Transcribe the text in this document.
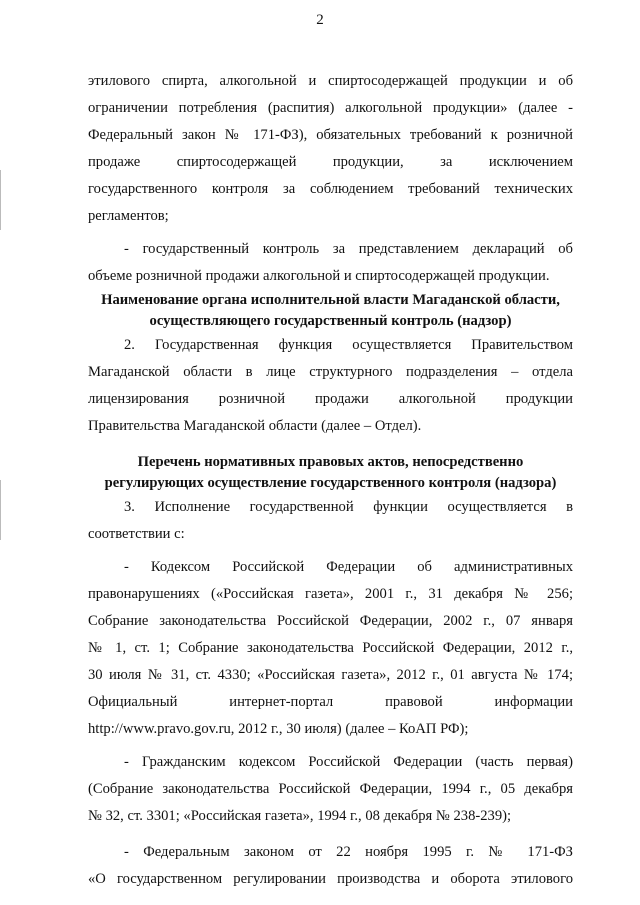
2
этилового спирта, алкогольной и спиртосодержащей продукции и об
ограничении потребления (распития) алкогольной продукции» (далее -
Федеральный закон № 171-ФЗ), обязательных требований к розничной
продаже спиртосодержащей продукции, за исключением
государственного контроля за соблюдением требований технических
регламентов;
- государственный контроль за представлением деклараций об
объеме розничной продажи алкогольной и спиртосодержащей продукции.
Наименование органа исполнительной власти Магаданской области,
осуществляющего государственный контроль (надзор)
2. Государственная функция осуществляется Правительством
Магаданской области в лице структурного подразделения – отдела
лицензирования розничной продажи алкогольной продукции
Правительства Магаданской области (далее – Отдел).
Перечень нормативных правовых актов, непосредственно
регулирующих осуществление государственного контроля (надзора)
3. Исполнение государственной функции осуществляется в
соответствии с:
- Кодексом Российской Федерации об административных
правонарушениях («Российская газета», 2001 г., 31 декабря № 256;
Собрание законодательства Российской Федерации, 2002 г., 07 января
№ 1, ст. 1; Собрание законодательства Российской Федерации, 2012 г.,
30 июля № 31, ст. 4330; «Российская газета», 2012 г., 01 августа № 174;
Официальный интернет-портал правовой информации
http://www.pravo.gov.ru, 2012 г., 30 июля) (далее – КоАП РФ);
- Гражданским кодексом Российской Федерации (часть первая)
(Собрание законодательства Российской Федерации, 1994 г., 05 декабря
№ 32, ст. 3301; «Российская газета», 1994 г., 08 декабря № 238-239);
- Федеральным законом от 22 ноября 1995 г. № 171-ФЗ
«О государственном регулировании производства и оборота этилового
